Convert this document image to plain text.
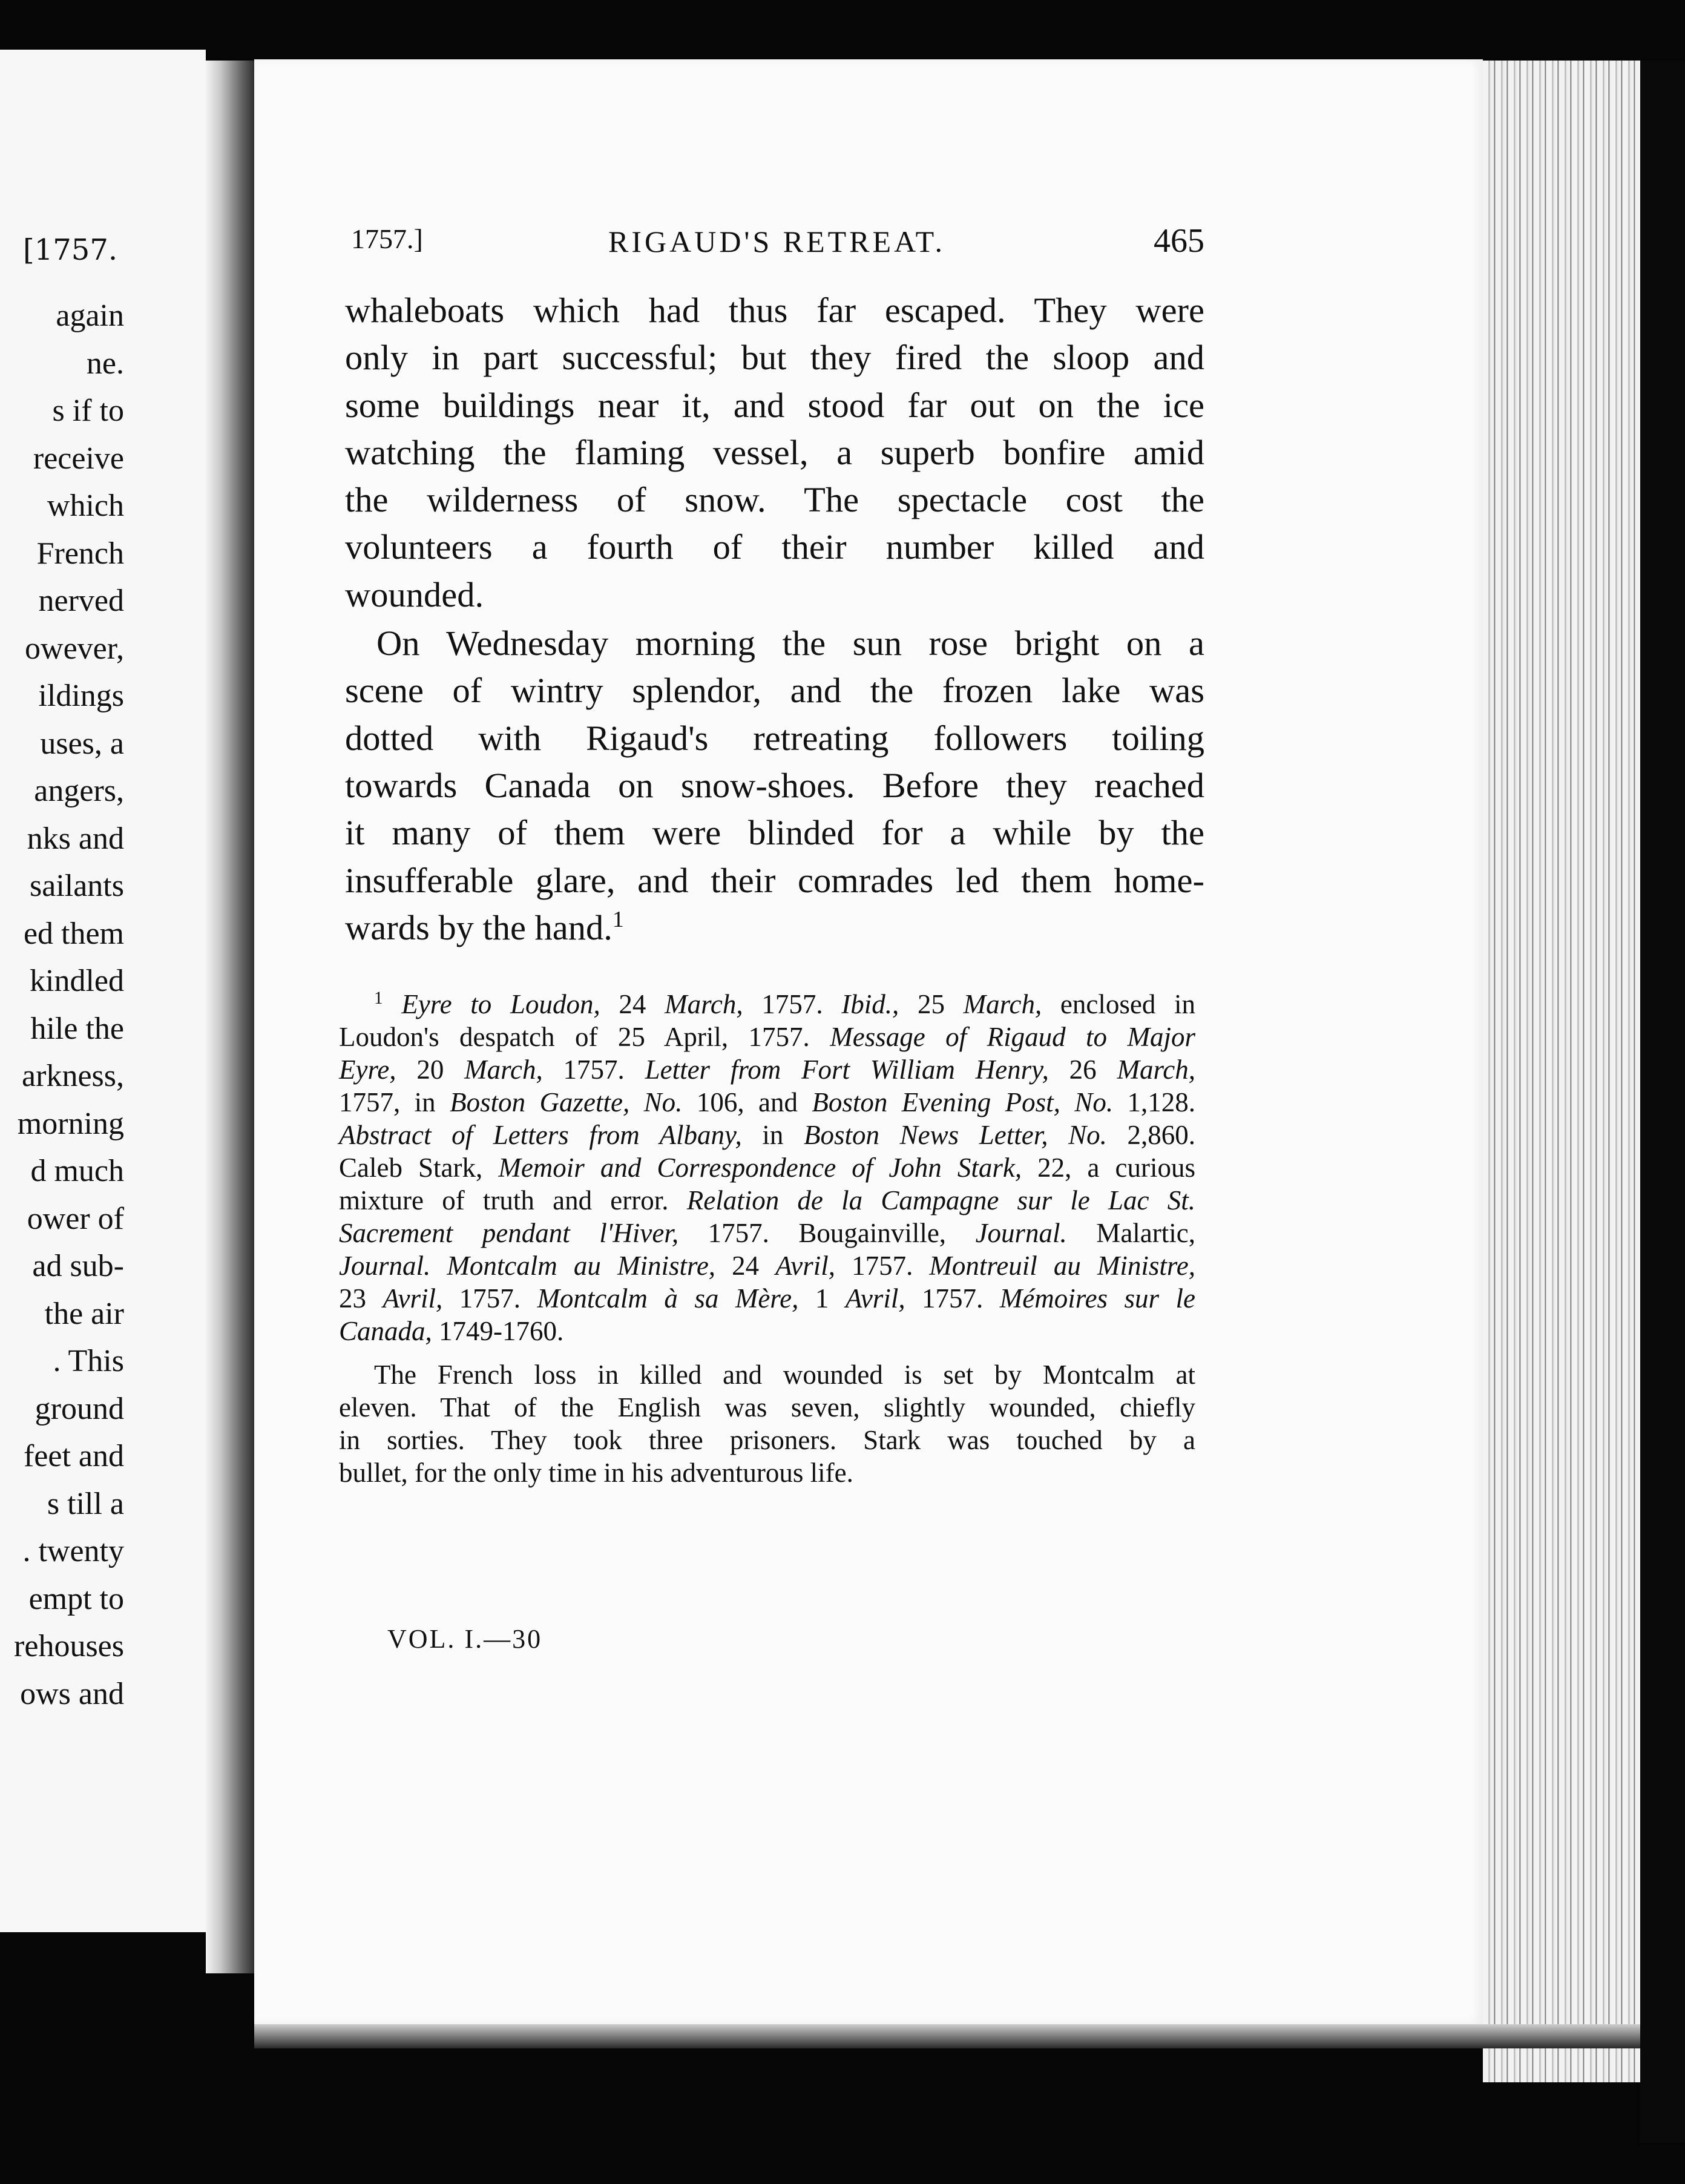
[1757.
again
ne.
s if to
receive
which
French
nerved
owever,
ildings
uses, a
angers,
nks and
sailants
ed them
kindled
hile the
arkness,
morning
d much
ower of
ad sub-
the air
. This
ground
feet and
s till a
. twenty
empt to
rehouses
ows and
1757.]	RIGAUD'S RETREAT.	465
whaleboats which had thus far escaped. They were
only in part successful; but they fired the sloop and
some buildings near it, and stood far out on the ice
watching the flaming vessel, a superb bonfire amid
the wilderness of snow. The spectacle cost the
volunteers a fourth of their number killed and
wounded.
On Wednesday morning the sun rose bright on a
scene of wintry splendor, and the frozen lake was
dotted with Rigaud's retreating followers toiling
towards Canada on snow-shoes. Before they reached
it many of them were blinded for a while by the
insufferable glare, and their comrades led them home-
wards by the hand.$^1$
$^1$ Eyre to Loudon, 24 March, 1757. Ibid., 25 March, enclosed in
Loudon's despatch of 25 April, 1757. Message of Rigaud to Major
Eyre, 20 March, 1757. Letter from Fort William Henry, 26 March,
1757, in Boston Gazette, No. 106, and Boston Evening Post, No. 1,128.
Abstract of Letters from Albany, in Boston News Letter, No. 2,860.
Caleb Stark, Memoir and Correspondence of John Stark, 22, a curious
mixture of truth and error. Relation de la Campagne sur le Lac St.
Sacrement pendant l'Hiver, 1757. Bougainville, Journal. Malartic,
Journal. Montcalm au Ministre, 24 Avril, 1757. Montreuil au Ministre,
23 Avril, 1757. Montcalm à sa Mère, 1 Avril, 1757. Mémoires sur le
Canada, 1749-1760.
The French loss in killed and wounded is set by Montcalm at
eleven. That of the English was seven, slightly wounded, chiefly
in sorties. They took three prisoners. Stark was touched by a
bullet, for the only time in his adventurous life.
VOL. I.—30
